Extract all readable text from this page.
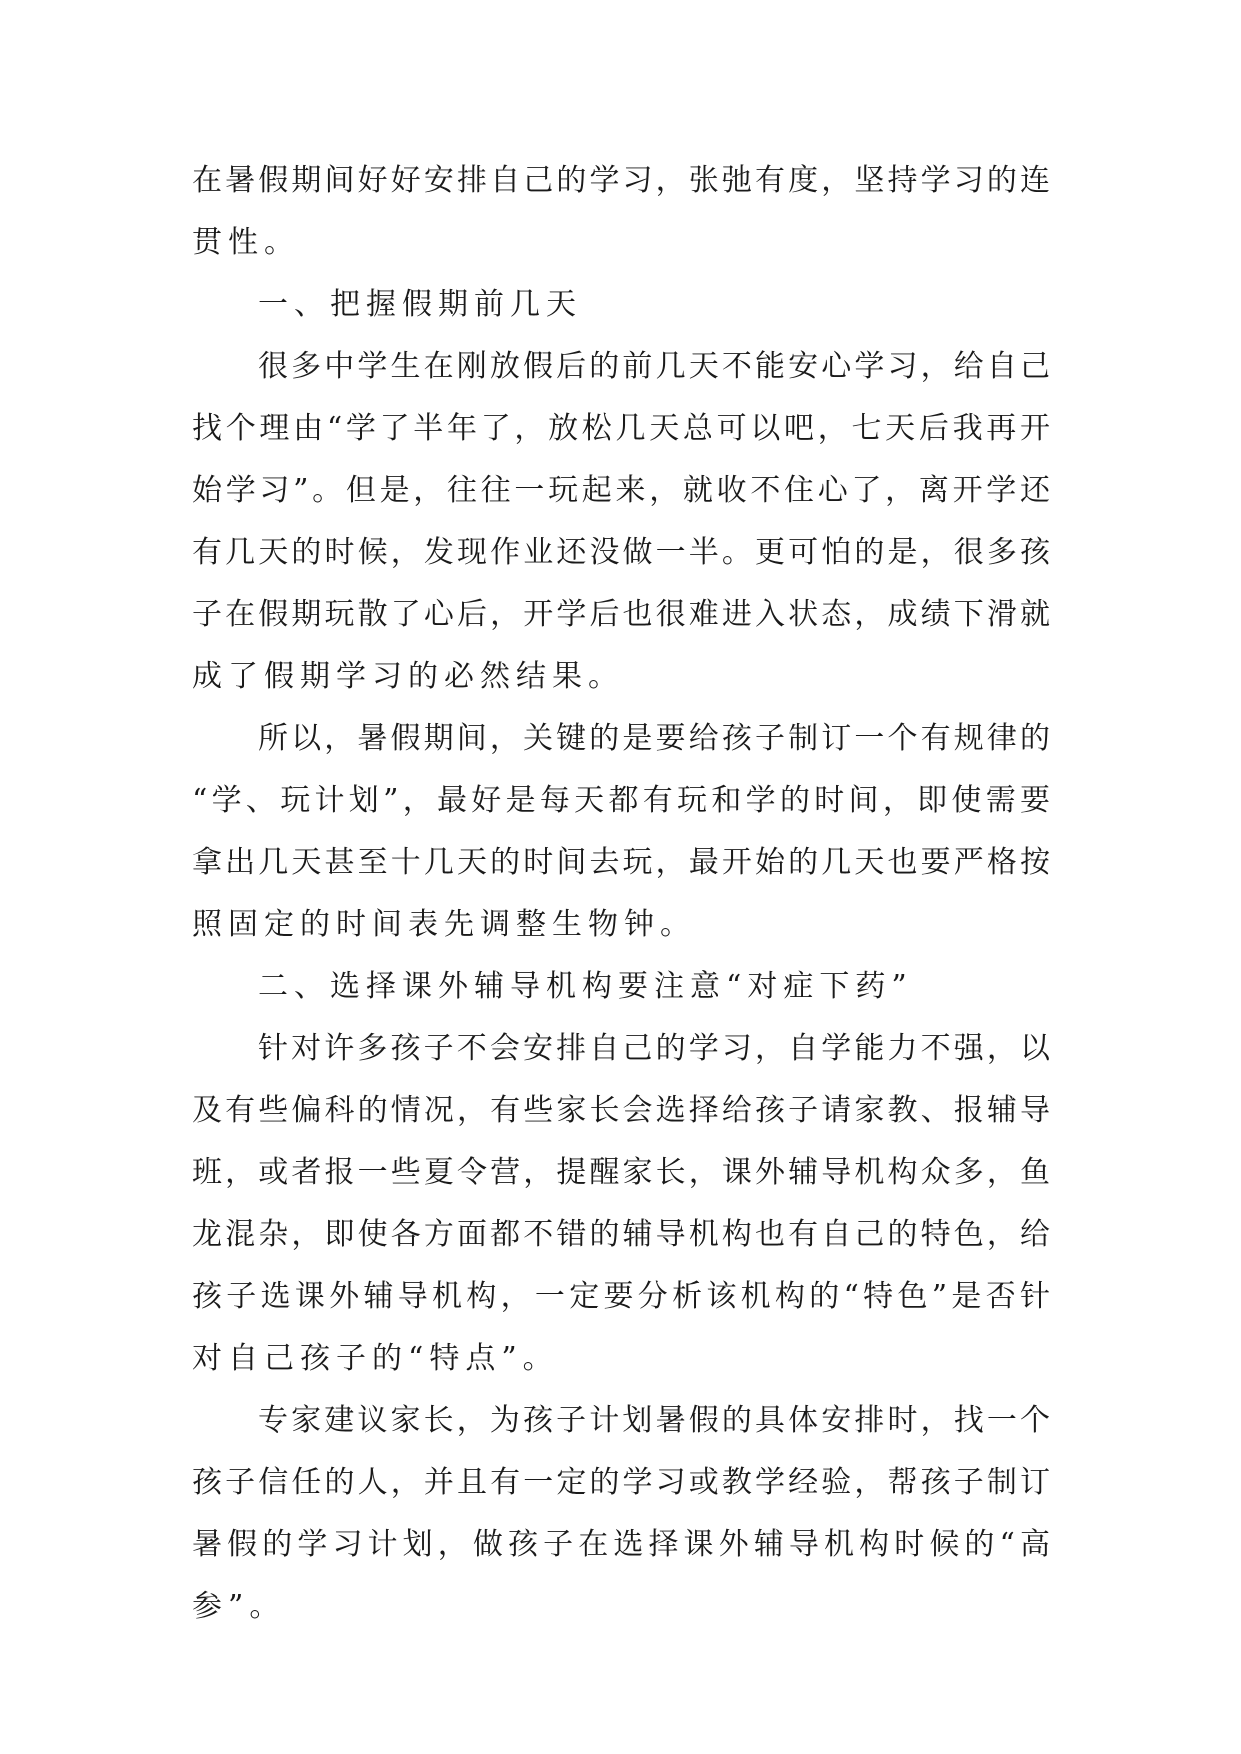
在暑假期间好好安排自己的学习，张弛有度，坚持学习的连
贯性。
一、把握假期前几天
很多中学生在刚放假后的前几天不能安心学习，给自己
找个理由“学了半年了，放松几天总可以吧，七天后我再开
始学习”。但是，往往一玩起来，就收不住心了，离开学还
有几天的时候，发现作业还没做一半。更可怕的是，很多孩
子在假期玩散了心后，开学后也很难进入状态，成绩下滑就
成了假期学习的必然结果。
所以，暑假期间，关键的是要给孩子制订一个有规律的
“学、玩计划”，最好是每天都有玩和学的时间，即使需要
拿出几天甚至十几天的时间去玩，最开始的几天也要严格按
照固定的时间表先调整生物钟。
二、选择课外辅导机构要注意“对症下药”
针对许多孩子不会安排自己的学习，自学能力不强，以
及有些偏科的情况，有些家长会选择给孩子请家教、报辅导
班，或者报一些夏令营，提醒家长，课外辅导机构众多，鱼
龙混杂，即使各方面都不错的辅导机构也有自己的特色，给
孩子选课外辅导机构，一定要分析该机构的“特色”是否针
对自己孩子的“特点”。
专家建议家长，为孩子计划暑假的具体安排时，找一个
孩子信任的人，并且有一定的学习或教学经验，帮孩子制订
暑假的学习计划，做孩子在选择课外辅导机构时候的“高
参”。
